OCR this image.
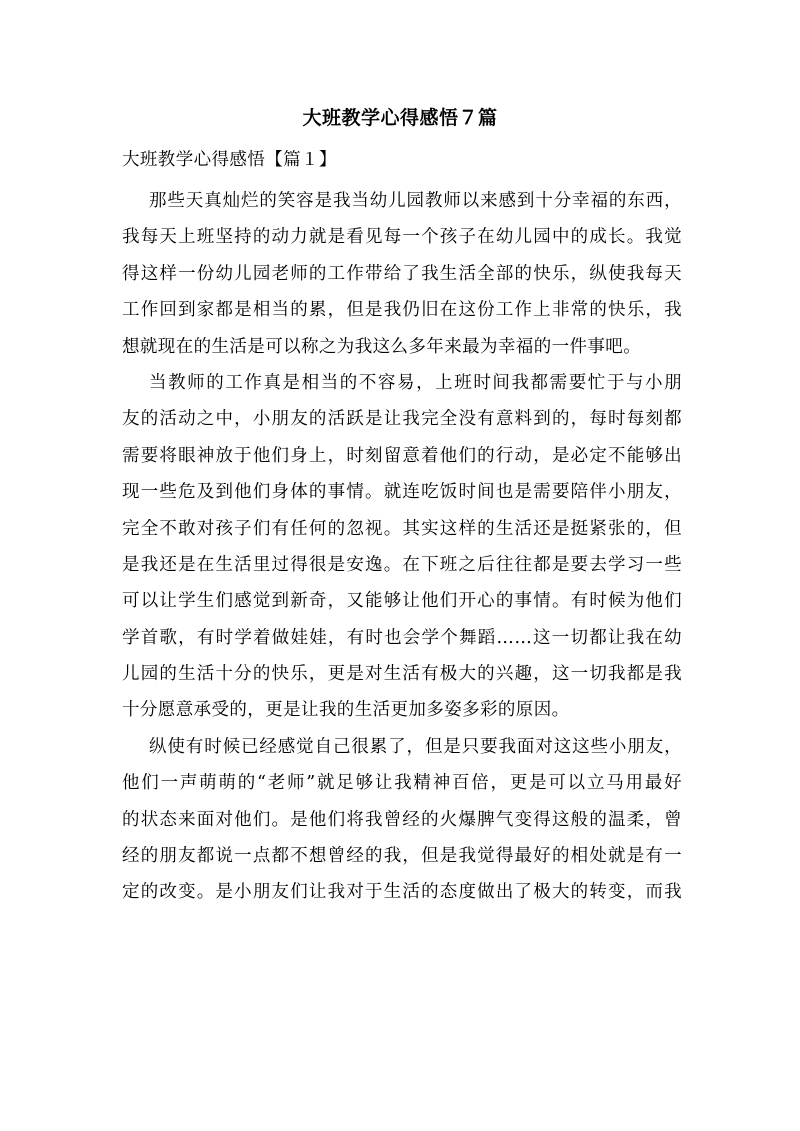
大班教学心得感悟７篇
大班教学心得感悟【篇１】
那些天真灿烂的笑容是我当幼儿园教师以来感到十分幸福的东西，
我每天上班坚持的动力就是看见每一个孩子在幼儿园中的成长。我觉
得这样一份幼儿园老师的工作带给了我生活全部的快乐，纵使我每天
工作回到家都是相当的累，但是我仍旧在这份工作上非常的快乐，我
想就现在的生活是可以称之为我这么多年来最为幸福的一件事吧。
当教师的工作真是相当的不容易，上班时间我都需要忙于与小朋
友的活动之中，小朋友的活跃是让我完全没有意料到的，每时每刻都
需要将眼神放于他们身上，时刻留意着他们的行动，是必定不能够出
现一些危及到他们身体的事情。就连吃饭时间也是需要陪伴小朋友，
完全不敢对孩子们有任何的忽视。其实这样的生活还是挺紧张的，但
是我还是在生活里过得很是安逸。在下班之后往往都是要去学习一些
可以让学生们感觉到新奇，又能够让他们开心的事情。有时候为他们
学首歌，有时学着做娃娃，有时也会学个舞蹈……这一切都让我在幼
儿园的生活十分的快乐，更是对生活有极大的兴趣，这一切我都是我
十分愿意承受的，更是让我的生活更加多姿多彩的原因。
纵使有时候已经感觉自己很累了，但是只要我面对这这些小朋友，
他们一声萌萌的“老师”就足够让我精神百倍，更是可以立马用最好
的状态来面对他们。是他们将我曾经的火爆脾气变得这般的温柔，曾
经的朋友都说一点都不想曾经的我，但是我觉得最好的相处就是有一
定的改变。是小朋友们让我对于生活的态度做出了极大的转变，而我
